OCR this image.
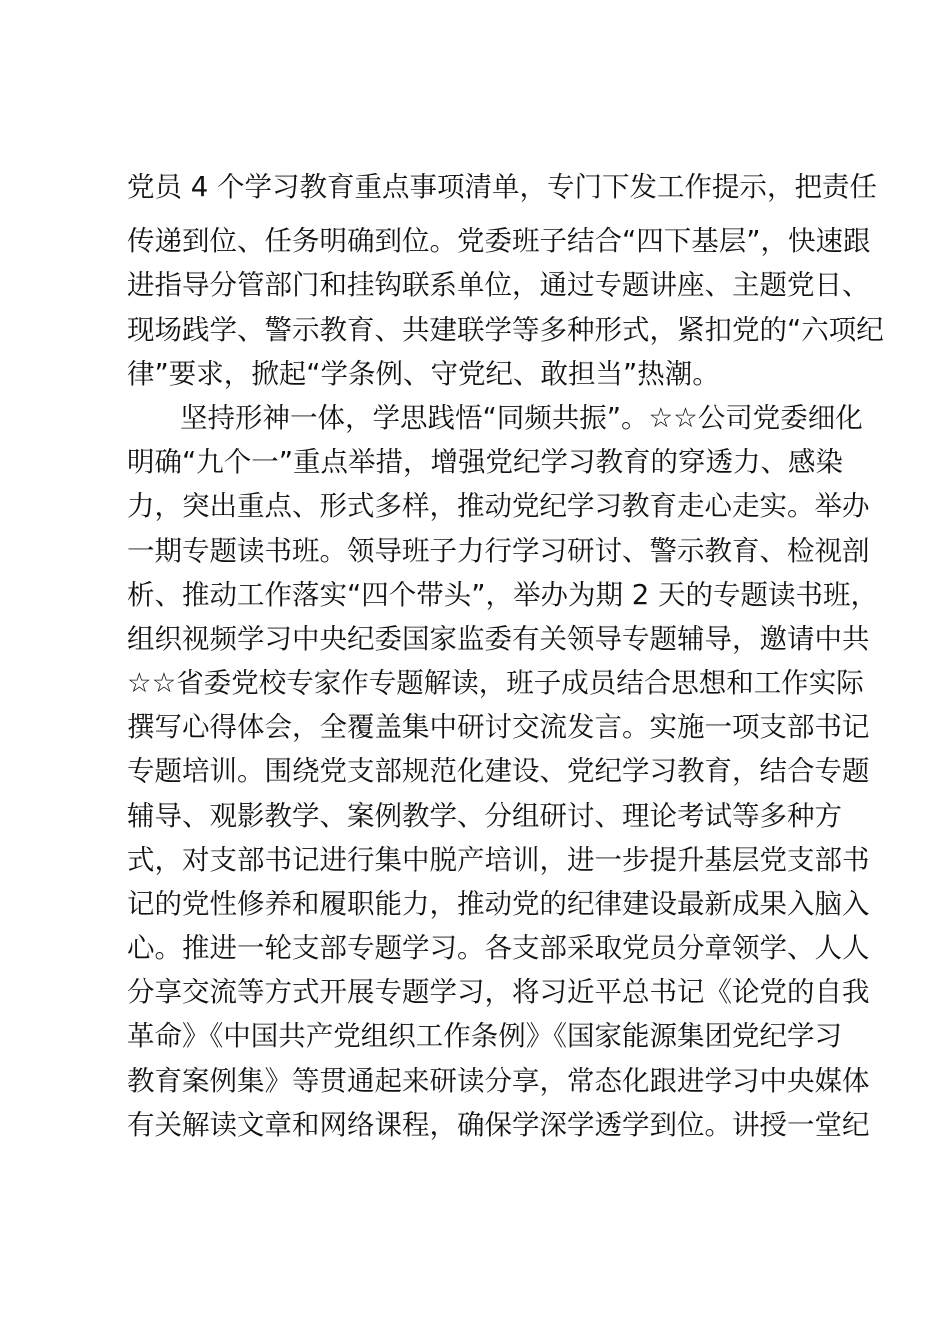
党员 4 个学习教育重点事项清单，专门下发工作提示，把责任
传递到位、任务明确到位。党委班子结合“四下基层”，快速跟
进指导分管部门和挂钩联系单位，通过专题讲座、主题党日、
现场践学、警示教育、共建联学等多种形式，紧扣党的“六项纪
律”要求，掀起“学条例、守党纪、敢担当”热潮。
坚持形神一体，学思践悟“同频共振”。☆☆公司党委细化
明确“九个一”重点举措，增强党纪学习教育的穿透力、感染
力，突出重点、形式多样，推动党纪学习教育走心走实。举办
一期专题读书班。领导班子力行学习研讨、警示教育、检视剖
析、推动工作落实“四个带头”，举办为期 2 天的专题读书班，
组织视频学习中央纪委国家监委有关领导专题辅导，邀请中共
☆☆省委党校专家作专题解读，班子成员结合思想和工作实际
撰写心得体会，全覆盖集中研讨交流发言。实施一项支部书记
专题培训。围绕党支部规范化建设、党纪学习教育，结合专题
辅导、观影教学、案例教学、分组研讨、理论考试等多种方
式，对支部书记进行集中脱产培训，进一步提升基层党支部书
记的党性修养和履职能力，推动党的纪律建设最新成果入脑入
心。推进一轮支部专题学习。各支部采取党员分章领学、人人
分享交流等方式开展专题学习，将习近平总书记《论党的自我
革命》《中国共产党组织工作条例》《国家能源集团党纪学习
教育案例集》等贯通起来研读分享，常态化跟进学习中央媒体
有关解读文章和网络课程，确保学深学透学到位。讲授一堂纪
